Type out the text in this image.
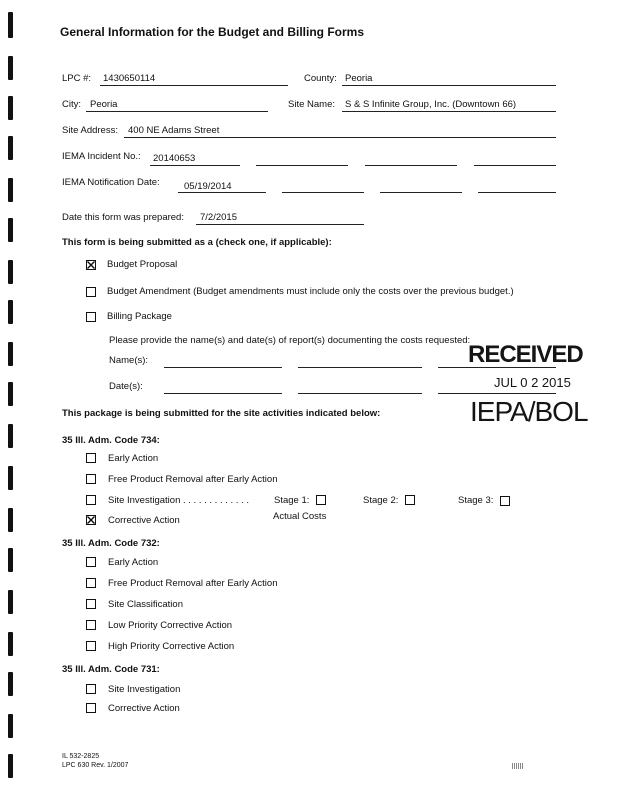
General Information for the Budget and Billing Forms
LPC #: 1430650114	County: Peoria
City: Peoria	Site Name: S & S Infinite Group, Inc. (Downtown 66)
Site Address: 400 NE Adams Street
IEMA Incident No.: 20140653
IEMA Notification Date:	05/19/2014
Date this form was prepared: 7/2/2015
This form is being submitted as a (check one, if applicable):
Budget Proposal
Budget Amendment (Budget amendments must include only the costs over the previous budget.)
Billing Package
Please provide the name(s) and date(s) of report(s) documenting the costs requested:
Name(s):
Date(s):
RECEIVED
JUL 0 2 2015
IEPA/BOL
This package is being submitted for the site activities indicated below:
35 Ill. Adm. Code 734:
Early Action
Free Product Removal after Early Action
Site Investigation . . . . . . . . . . . . .	Stage 1:	Stage 2:	Stage 3:
Corrective Action	Actual Costs
35 Ill. Adm. Code 732:
Early Action
Free Product Removal after Early Action
Site Classification
Low Priority Corrective Action
High Priority Corrective Action
35 Ill. Adm. Code 731:
Site Investigation
Corrective Action
IL 532-2825
LPC 630 Rev. 1/2007
